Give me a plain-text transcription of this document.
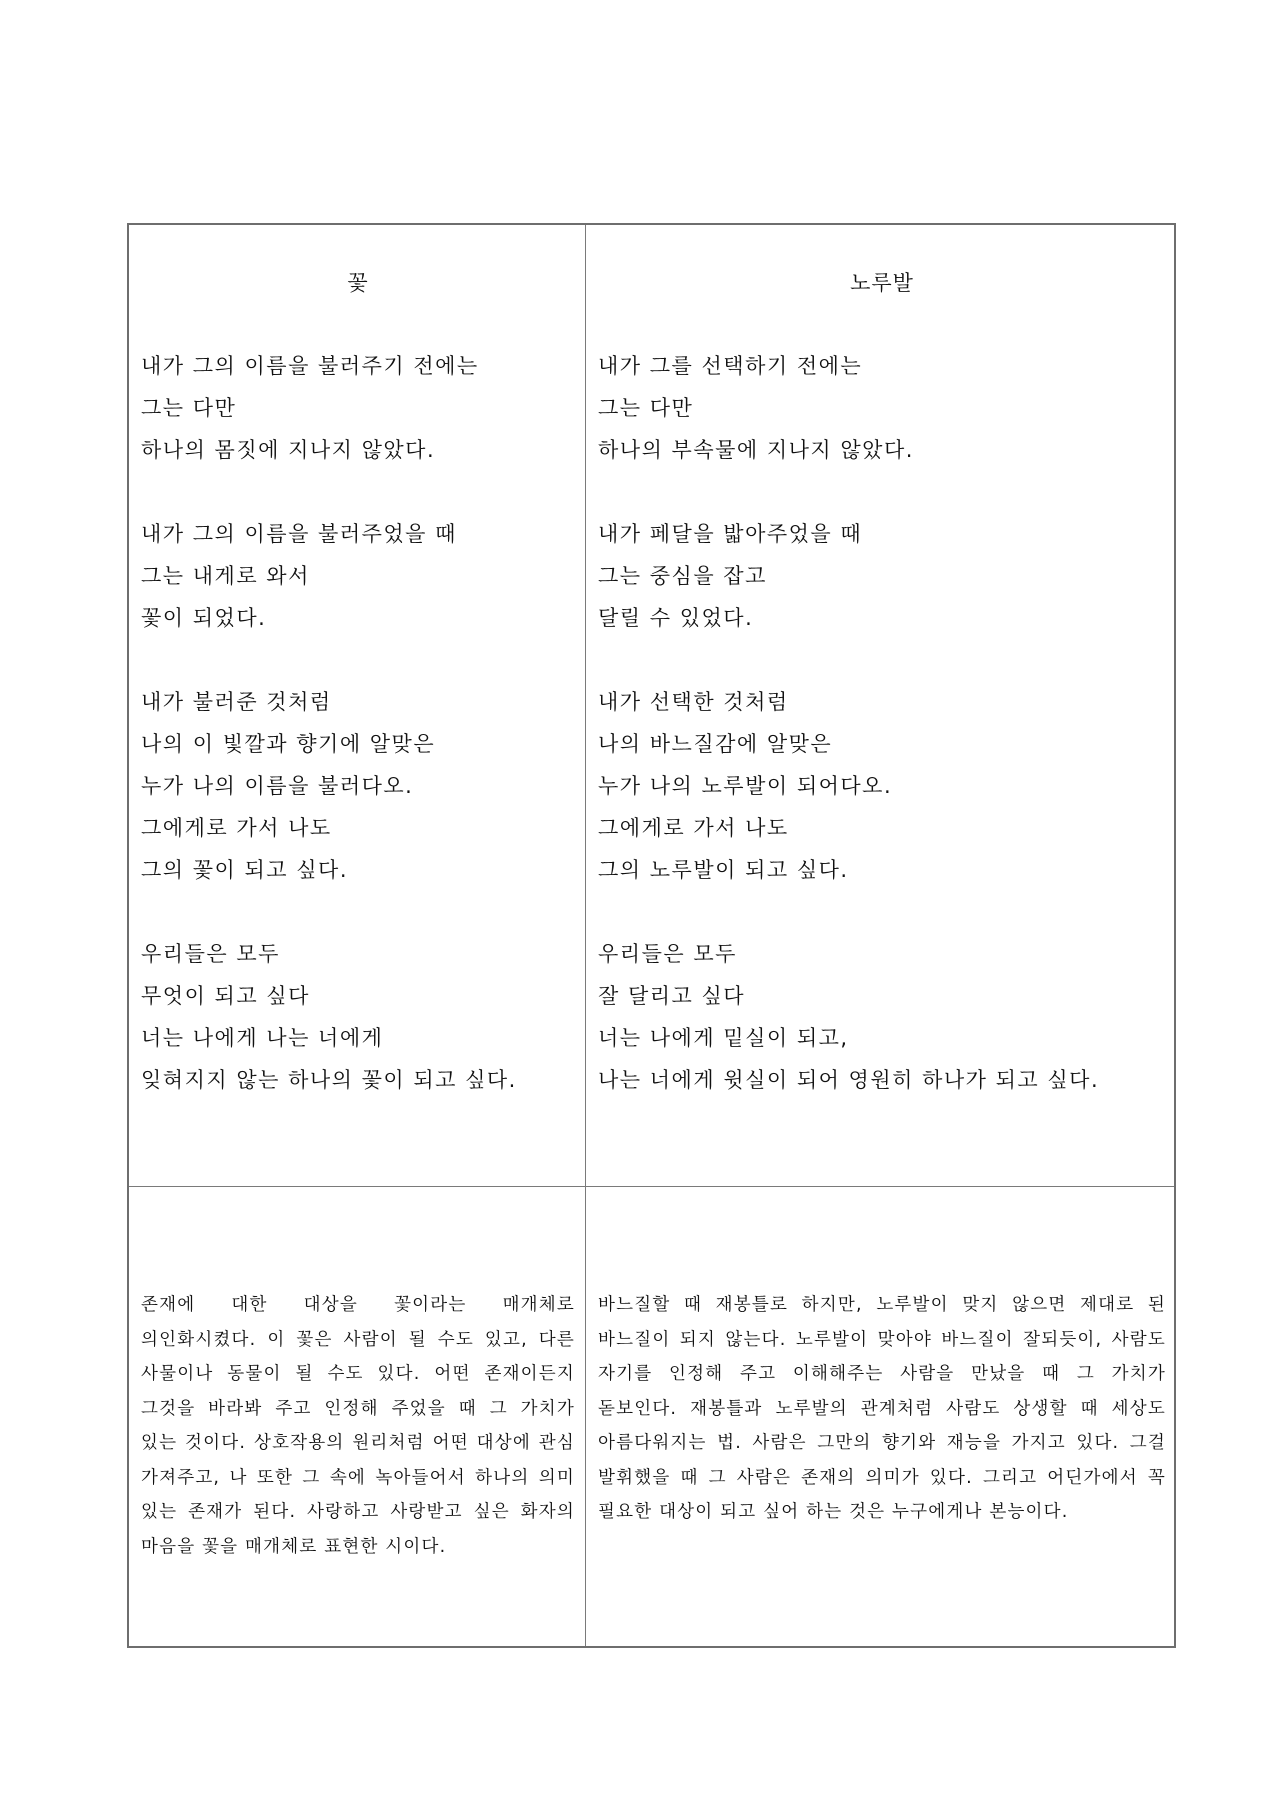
꽃
내가 그의 이름을 불러주기 전에는
그는 다만
하나의 몸짓에 지나지 않았다.
내가 그의 이름을 불러주었을 때
그는 내게로 와서
꽃이 되었다.
내가 불러준 것처럼
나의 이 빛깔과 향기에 알맞은
누가 나의 이름을 불러다오.
그에게로 가서 나도
그의 꽃이 되고 싶다.
우리들은 모두
무엇이 되고 싶다
너는 나에게 나는 너에게
잊혀지지 않는 하나의 꽃이 되고 싶다.
노루발
내가 그를 선택하기 전에는
그는 다만
하나의 부속물에 지나지 않았다.
내가 페달을 밟아주었을 때
그는 중심을 잡고
달릴 수 있었다.
내가 선택한 것처럼
나의 바느질감에 알맞은
누가 나의 노루발이 되어다오.
그에게로 가서 나도
그의 노루발이 되고 싶다.
우리들은 모두
잘 달리고 싶다
너는 나에게 밑실이 되고,
나는 너에게 윗실이 되어 영원히 하나가 되고 싶다.
존재에 대한 대상을 꽃이라는 매개체로 의인화시켰다. 이 꽃은 사람이 될 수도 있고, 다른 사물이나 동물이 될 수도 있다. 어떤 존재이든지 그것을 바라봐 주고 인정해 주었을 때 그 가치가 있는 것이다. 상호작용의 원리처럼 어떤 대상에 관심 가져주고, 나 또한 그 속에 녹아들어서 하나의 의미 있는 존재가 된다. 사랑하고 사랑받고 싶은 화자의 마음을 꽃을 매개체로 표현한 시이다.
바느질할 때 재봉틀로 하지만, 노루발이 맞지 않으면 제대로 된 바느질이 되지 않는다. 노루발이 맞아야 바느질이 잘되듯이, 사람도 자기를 인정해 주고 이해해주는 사람을 만났을 때 그 가치가 돋보인다. 재봉틀과 노루발의 관계처럼 사람도 상생할 때 세상도 아름다워지는 법. 사람은 그만의 향기와 재능을 가지고 있다. 그걸 발휘했을 때 그 사람은 존재의 의미가 있다. 그리고 어딘가에서 꼭 필요한 대상이 되고 싶어 하는 것은 누구에게나 본능이다.
